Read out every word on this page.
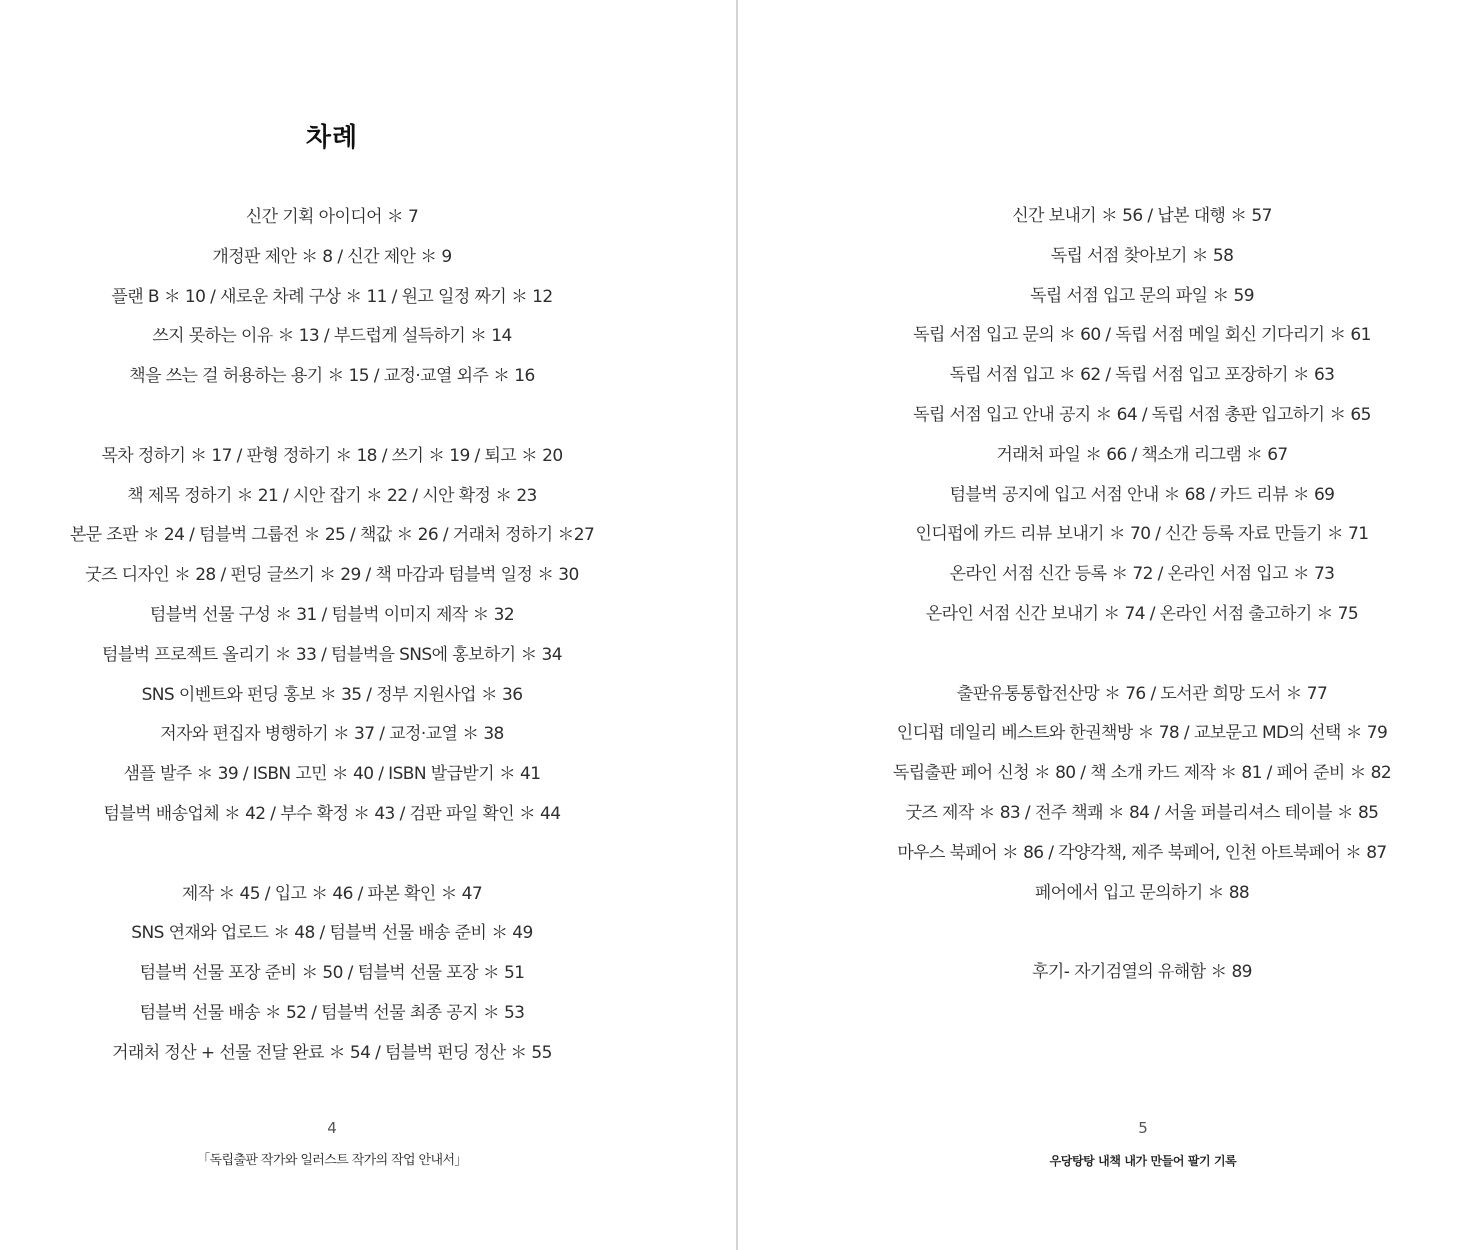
차례
신간 기획 아이디어 ＊ 7
개정판 제안 ＊ 8 / 신간 제안 ＊ 9
플랜 B ＊ 10 / 새로운 차례 구상 ＊ 11 / 원고 일정 짜기 ＊ 12
쓰지 못하는 이유 ＊ 13 / 부드럽게 설득하기 ＊ 14
책을 쓰는 걸 허용하는 용기 ＊ 15 / 교정·교열 외주 ＊ 16
목차 정하기 ＊ 17 / 판형 정하기 ＊ 18 / 쓰기 ＊ 19 / 퇴고 ＊ 20
책 제목 정하기 ＊ 21 / 시안 잡기 ＊ 22 / 시안 확정 ＊ 23
본문 조판 ＊ 24 / 텀블벅 그룹전 ＊ 25 / 책값 ＊ 26 / 거래처 정하기 ＊27
굿즈 디자인 ＊ 28 / 펀딩 글쓰기 ＊ 29 / 책 마감과 텀블벅 일정 ＊ 30
텀블벅 선물 구성 ＊ 31 / 텀블벅 이미지 제작 ＊ 32
텀블벅 프로젝트 올리기 ＊ 33 / 텀블벅을 SNS에 홍보하기 ＊ 34
SNS 이벤트와 펀딩 홍보 ＊ 35 / 정부 지원사업 ＊ 36
저자와 편집자 병행하기 ＊ 37 / 교정·교열 ＊ 38
샘플 발주 ＊ 39 / ISBN 고민 ＊ 40 / ISBN 발급받기 ＊ 41
텀블벅 배송업체 ＊ 42 / 부수 확정 ＊ 43 / 검판 파일 확인 ＊ 44
제작 ＊ 45 / 입고 ＊ 46 / 파본 확인 ＊ 47
SNS 연재와 업로드 ＊ 48 / 텀블벅 선물 배송 준비 ＊ 49
텀블벅 선물 포장 준비 ＊ 50 / 텀블벅 선물 포장 ＊ 51
텀블벅 선물 배송 ＊ 52 / 텀블벅 선물 최종 공지 ＊ 53
거래처 정산 + 선물 전달 완료 ＊ 54 / 텀블벅 펀딩 정산 ＊ 55
4
「독립출판 작가와 일러스트 작가의 작업 안내서」
신간 보내기 ＊ 56 / 납본 대행 ＊ 57
독립 서점 찾아보기 ＊ 58
독립 서점 입고 문의 파일 ＊ 59
독립 서점 입고 문의 ＊ 60 / 독립 서점 메일 회신 기다리기 ＊ 61
독립 서점 입고 ＊ 62 / 독립 서점 입고 포장하기 ＊ 63
독립 서점 입고 안내 공지 ＊ 64 / 독립 서점 총판 입고하기 ＊ 65
거래처 파일 ＊ 66 / 책소개 리그램 ＊ 67
텀블벅 공지에 입고 서점 안내 ＊ 68 / 카드 리뷰 ＊ 69
인디펍에 카드 리뷰 보내기 ＊ 70 / 신간 등록 자료 만들기 ＊ 71
온라인 서점 신간 등록 ＊ 72 / 온라인 서점 입고 ＊ 73
온라인 서점 신간 보내기 ＊ 74 / 온라인 서점 출고하기 ＊ 75
출판유통통합전산망 ＊ 76 / 도서관 희망 도서 ＊ 77
인디펍 데일리 베스트와 한권책방 ＊ 78 / 교보문고 MD의 선택 ＊ 79
독립출판 페어 신청 ＊ 80 / 책 소개 카드 제작 ＊ 81 / 페어 준비 ＊ 82
굿즈 제작 ＊ 83 / 전주 책쾌 ＊ 84 / 서울 퍼블리셔스 테이블 ＊ 85
마우스 북페어 ＊ 86 / 각양각책, 제주 북페어, 인천 아트북페어 ＊ 87
페어에서 입고 문의하기 ＊ 88
후기- 자기검열의 유해함 ＊ 89
5
우당탕탕 내책 내가 만들어 팔기 기록
